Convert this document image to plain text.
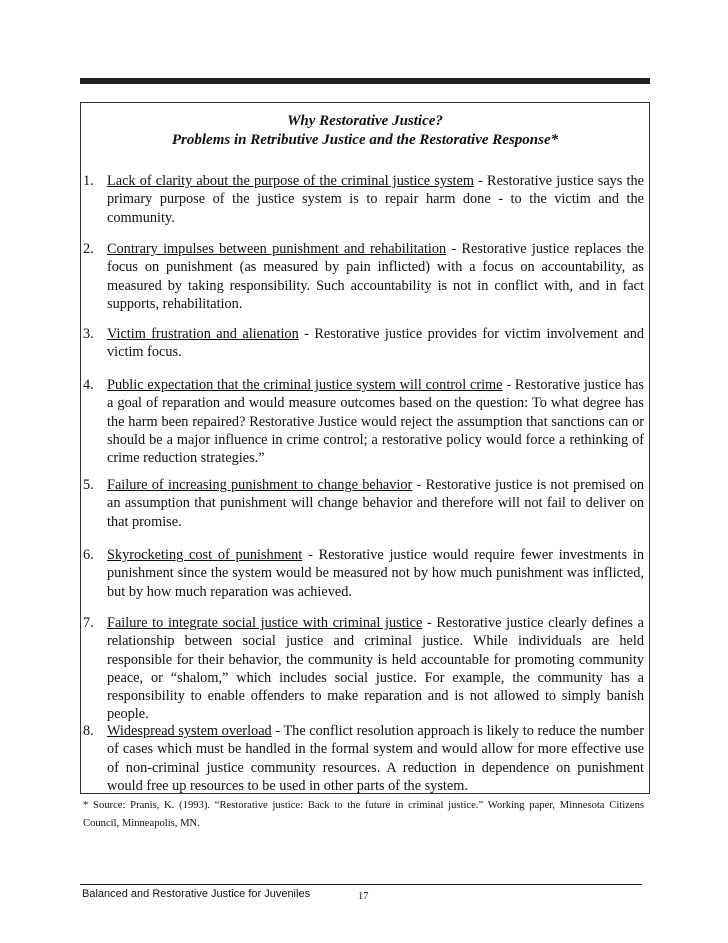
Why Restorative Justice?
Problems in Retributive Justice and the Restorative Response*
1. Lack of clarity about the purpose of the criminal justice system - Restorative justice says the primary purpose of the justice system is to repair harm done - to the victim and the community.
2. Contrary impulses between punishment and rehabilitation - Restorative justice replaces the focus on punishment (as measured by pain inflicted) with a focus on accountability, as measured by taking responsibility. Such accountability is not in conflict with, and in fact supports, rehabilitation.
3. Victim frustration and alienation - Restorative justice provides for victim involvement and victim focus.
4. Public expectation that the criminal justice system will control crime - Restorative justice has a goal of reparation and would measure outcomes based on the question: To what degree has the harm been repaired? Restorative Justice would reject the assumption that sanctions can or should be a major influence in crime control; a restorative policy would force a rethinking of crime reduction strategies.”
5. Failure of increasing punishment to change behavior - Restorative justice is not premised on an assumption that punishment will change behavior and therefore will not fail to deliver on that promise.
6. Skyrocketing cost of punishment - Restorative justice would require fewer investments in punishment since the system would be measured not by how much punishment was inflicted, but by how much reparation was achieved.
7. Failure to integrate social justice with criminal justice - Restorative justice clearly defines a relationship between social justice and criminal justice. While individuals are held responsible for their behavior, the community is held accountable for promoting community peace, or “shalom,” which includes social justice. For example, the community has a responsibility to enable offenders to make reparation and is not allowed to simply banish people.
8. Widespread system overload - The conflict resolution approach is likely to reduce the number of cases which must be handled in the formal system and would allow for more effective use of non-criminal justice community resources. A reduction in dependence on punishment would free up resources to be used in other parts of the system.
* Source: Pranis, K. (1993). “Restorative justice: Back to the future in criminal justice.” Working paper, Minnesota Citizens Council, Minneapolis, MN.
Balanced and Restorative Justice for Juveniles	17
